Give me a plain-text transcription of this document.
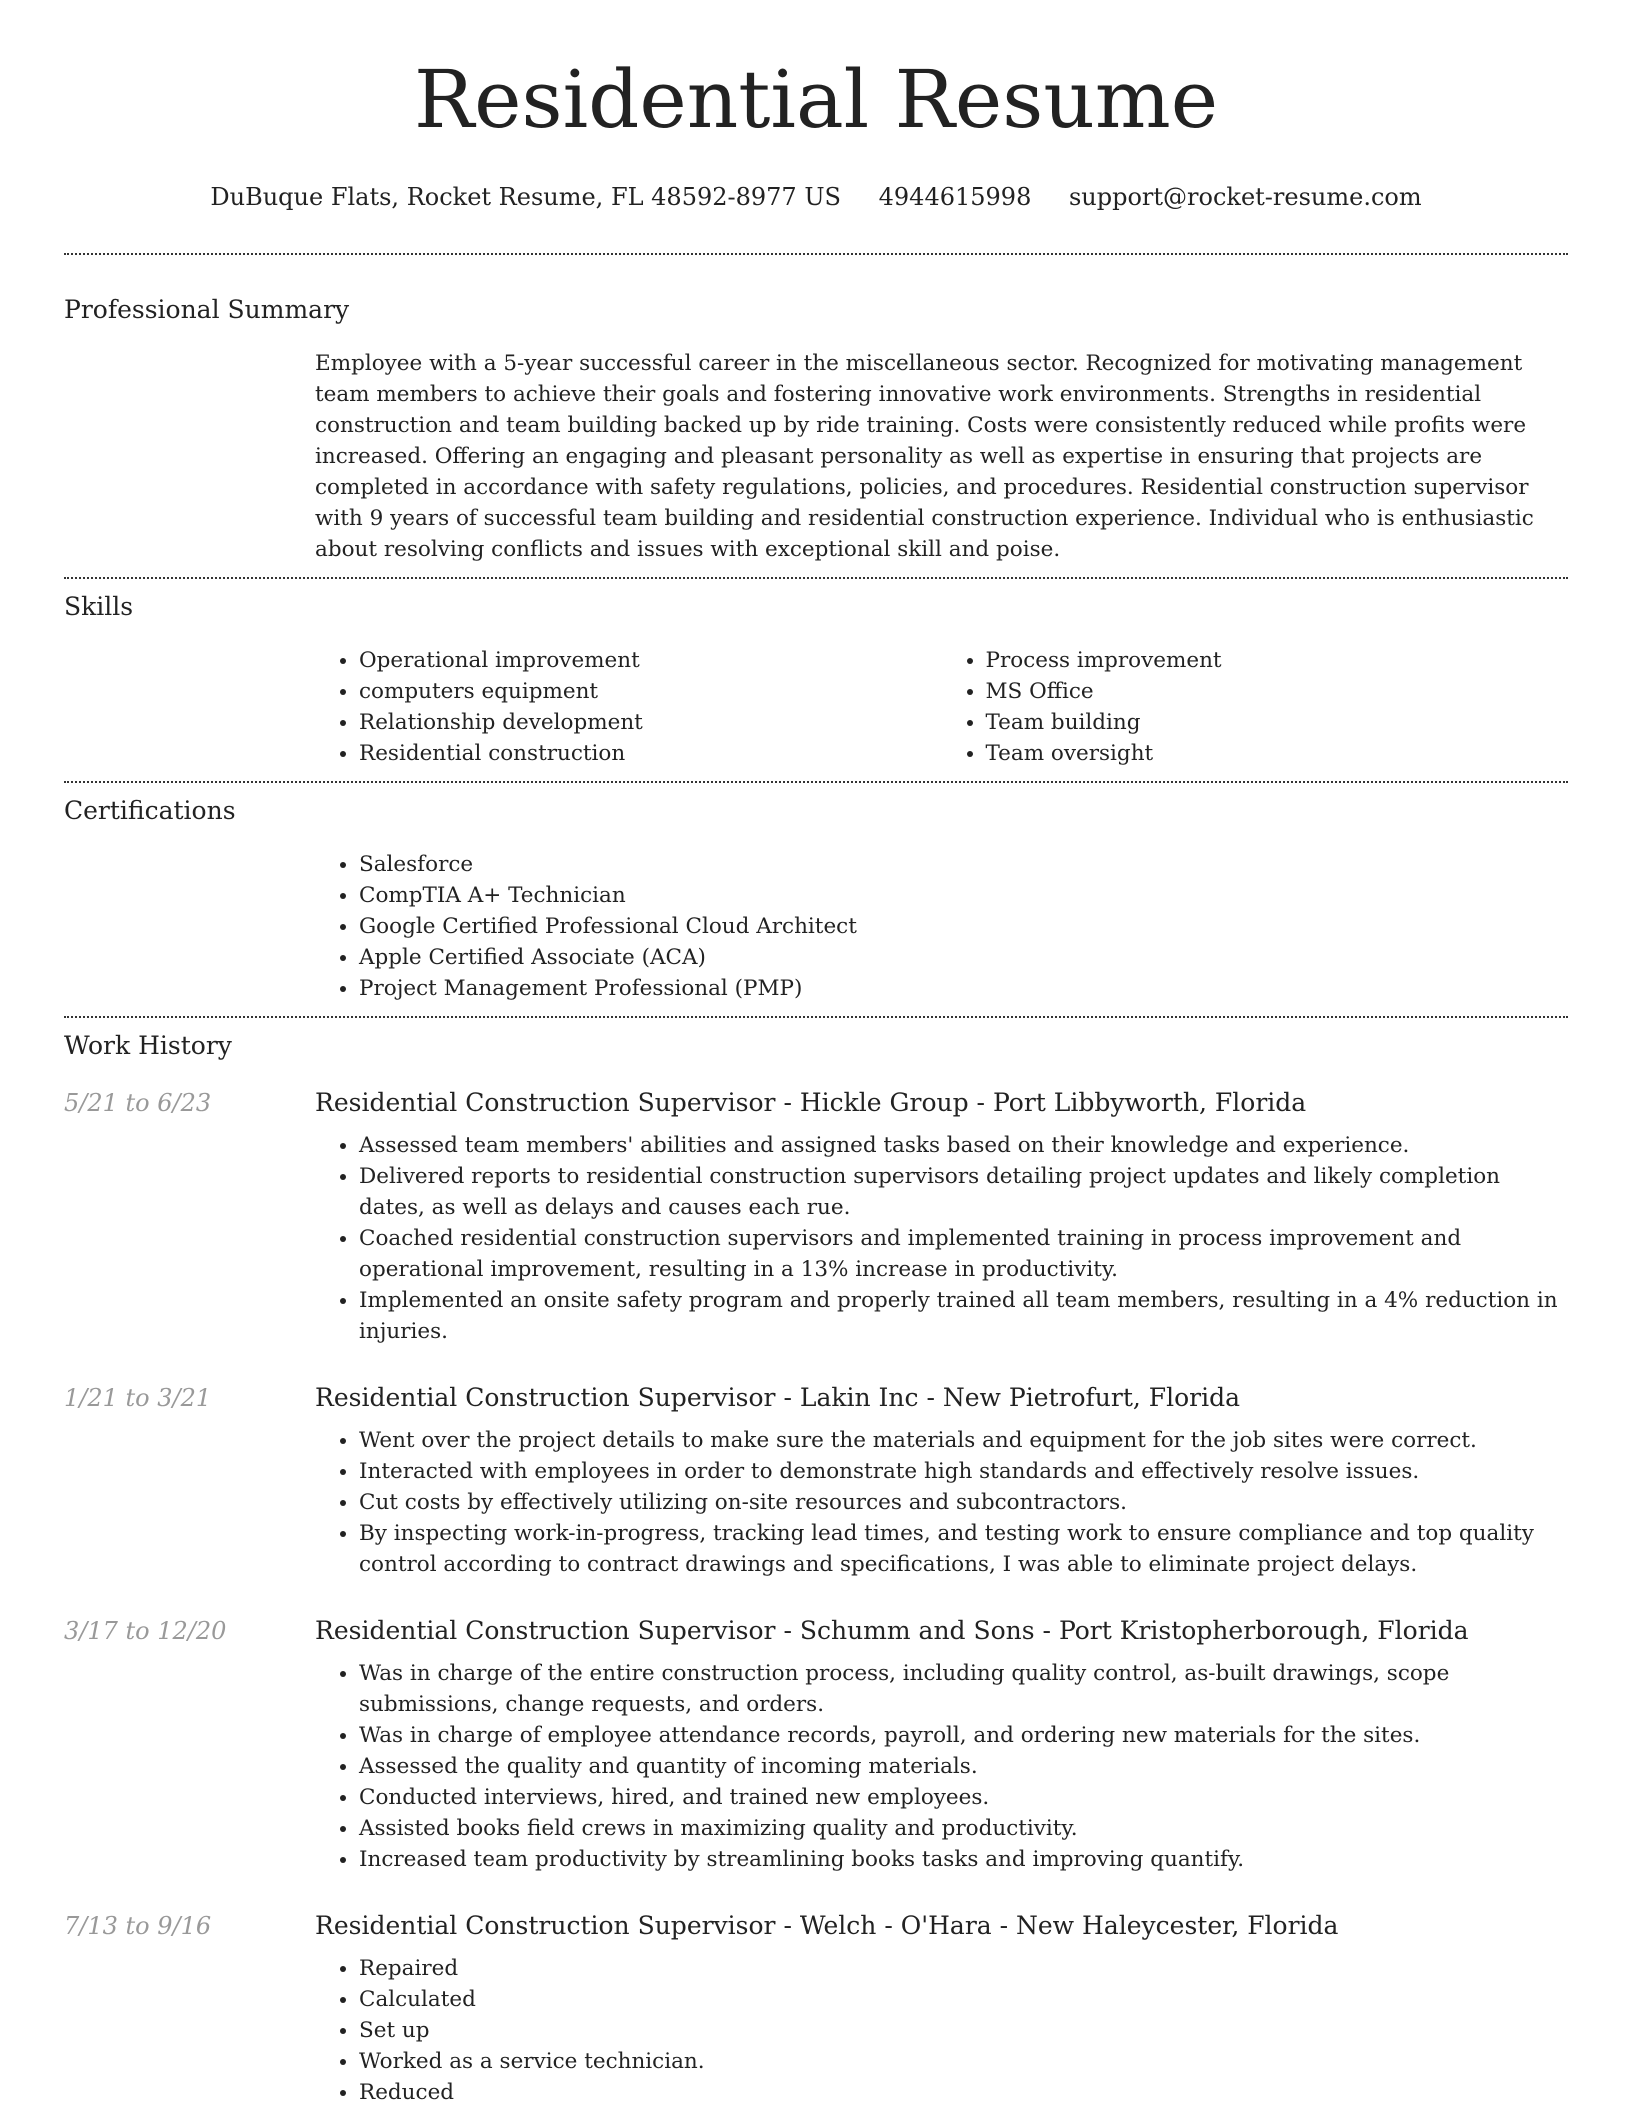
Residential Resume
DuBuque Flats, Rocket Resume, FL 48592-8977 US 4944615998 support@rocket-resume.com
Professional Summary
Employee with a 5-year successful career in the miscellaneous sector. Recognized for motivating management team members to achieve their goals and fostering innovative work environments. Strengths in residential construction and team building backed up by ride training. Costs were consistently reduced while profits were increased. Offering an engaging and pleasant personality as well as expertise in ensuring that projects are completed in accordance with safety regulations, policies, and procedures. Residential construction supervisor with 9 years of successful team building and residential construction experience. Individual who is enthusiastic about resolving conflicts and issues with exceptional skill and poise.
Skills
• Operational improvement
• computers equipment
• Relationship development
• Residential construction
• Process improvement
• MS Office
• Team building
• Team oversight
Certifications
• Salesforce
• CompTIA A+ Technician
• Google Certified Professional Cloud Architect
• Apple Certified Associate (ACA)
• Project Management Professional (PMP)
Work History
5/21 to 6/23	Residential Construction Supervisor - Hickle Group - Port Libbyworth, Florida
• Assessed team members' abilities and assigned tasks based on their knowledge and experience.
• Delivered reports to residential construction supervisors detailing project updates and likely completion dates, as well as delays and causes each rue.
• Coached residential construction supervisors and implemented training in process improvement and operational improvement, resulting in a 13% increase in productivity.
• Implemented an onsite safety program and properly trained all team members, resulting in a 4% reduction in injuries.
1/21 to 3/21	Residential Construction Supervisor - Lakin Inc - New Pietrofurt, Florida
• Went over the project details to make sure the materials and equipment for the job sites were correct.
• Interacted with employees in order to demonstrate high standards and effectively resolve issues.
• Cut costs by effectively utilizing on-site resources and subcontractors.
• By inspecting work-in-progress, tracking lead times, and testing work to ensure compliance and top quality control according to contract drawings and specifications, I was able to eliminate project delays.
3/17 to 12/20	Residential Construction Supervisor - Schumm and Sons - Port Kristopherborough, Florida
• Was in charge of the entire construction process, including quality control, as-built drawings, scope submissions, change requests, and orders.
• Was in charge of employee attendance records, payroll, and ordering new materials for the sites.
• Assessed the quality and quantity of incoming materials.
• Conducted interviews, hired, and trained new employees.
• Assisted books field crews in maximizing quality and productivity.
• Increased team productivity by streamlining books tasks and improving quantify.
7/13 to 9/16	Residential Construction Supervisor - Welch - O'Hara - New Haleycester, Florida
• Repaired
• Calculated
• Set up
• Worked as a service technician.
• Reduced
